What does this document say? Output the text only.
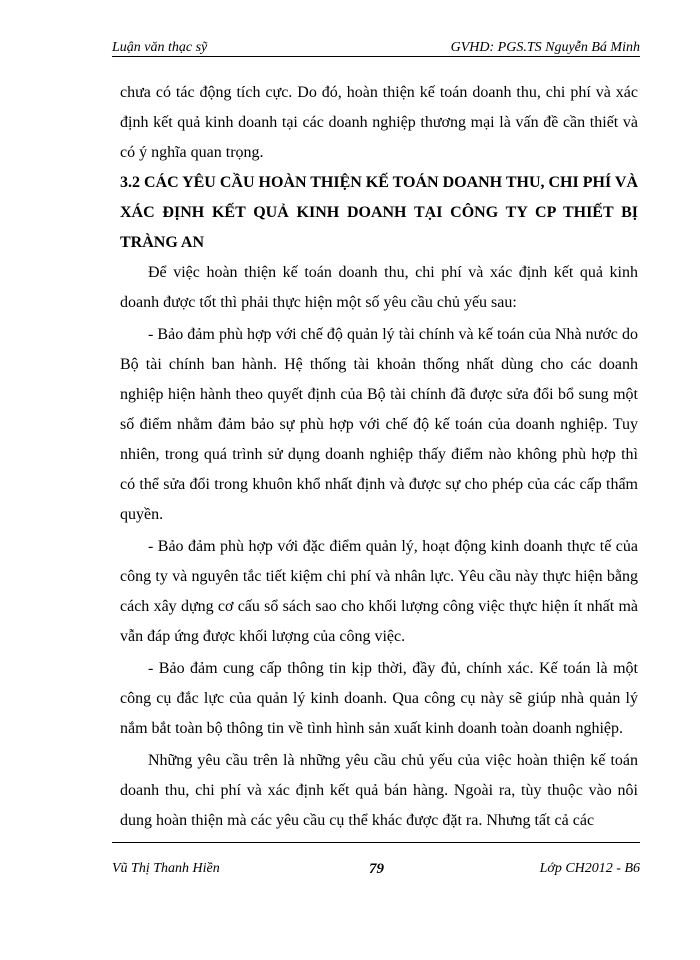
Luận văn thạc sỹ	GVHD: PGS.TS Nguyễn Bá Minh

chưa có tác động tích cực. Do đó, hoàn thiện kế toán doanh thu, chi phí và xác định kết quả kinh doanh tại các doanh nghiệp thương mại là vấn đề cần thiết và có ý nghĩa quan trọng.

3.2 CÁC YÊU CẦU HOÀN THIỆN KẾ TOÁN DOANH THU, CHI PHÍ VÀ XÁC ĐỊNH KẾT QUẢ KINH DOANH TẠI CÔNG TY CP THIẾT BỊ TRÀNG AN

Để việc hoàn thiện kế toán doanh thu, chi phí và xác định kết quả kinh doanh được tốt thì phải thực hiện một số yêu cầu chủ yếu sau:

- Bảo đảm phù hợp với chế độ quản lý tài chính và kế toán của Nhà nước do Bộ tài chính ban hành. Hệ thống tài khoản thống nhất dùng cho các doanh nghiệp hiện hành theo quyết định của Bộ tài chính đã được sửa đổi bổ sung một số điểm nhằm đảm bảo sự phù hợp với chế độ kế toán của doanh nghiệp. Tuy nhiên, trong quá trình sử dụng doanh nghiệp thấy điểm nào không phù hợp thì có thể sửa đổi trong khuôn khổ nhất định và được sự cho phép của các cấp thẩm quyền.

- Bảo đảm phù hợp với đặc điểm quản lý, hoạt động kinh doanh thực tế của công ty và nguyên tắc tiết kiệm chi phí và nhân lực. Yêu cầu này thực hiện bằng cách xây dựng cơ cấu sổ sách sao cho khối lượng công việc thực hiện ít nhất mà vẫn đáp ứng được khối lượng của công việc.

- Bảo đảm cung cấp thông tin kịp thời, đầy đủ, chính xác. Kế toán là một công cụ đắc lực của quản lý kinh doanh. Qua công cụ này sẽ giúp nhà quản lý nắm bắt toàn bộ thông tin về tình hình sản xuất kinh doanh toàn doanh nghiệp.

Những yêu cầu trên là những yêu cầu chủ yếu của việc hoàn thiện kế toán doanh thu, chi phí và xác định kết quả bán hàng. Ngoài ra, tùy thuộc vào nôi dung hoàn thiện mà các yêu cầu cụ thể khác được đặt ra. Nhưng tất cả các

Vũ Thị Thanh Hiền	79	Lớp CH2012 - B6
